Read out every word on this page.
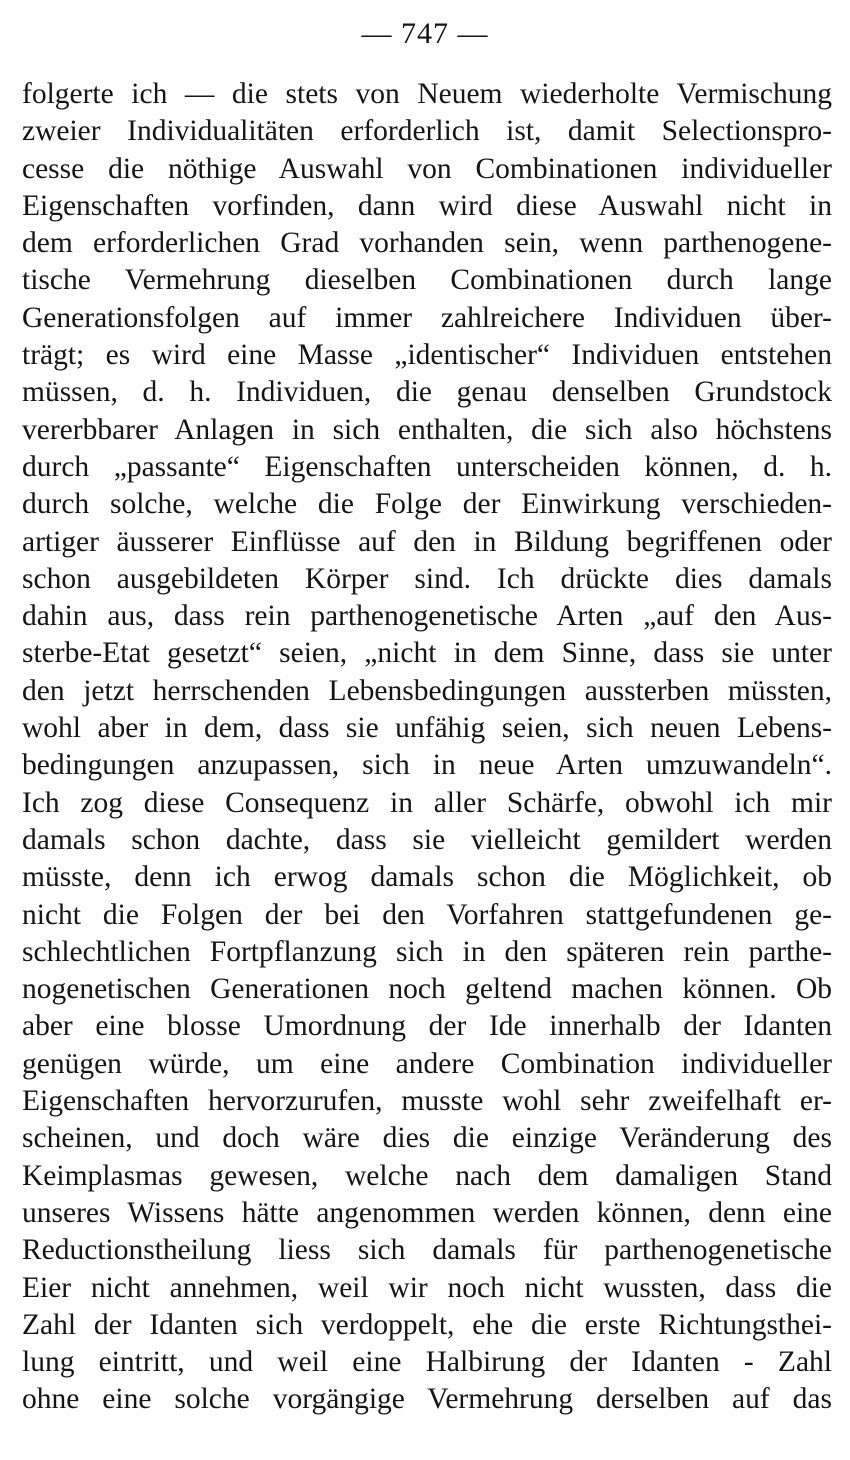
— 747 —
folgerte ich — die stets von Neuem wiederholte Vermischung
zweier Individualitäten erforderlich ist, damit Selectionspro-
cesse die nöthige Auswahl von Combinationen individueller
Eigenschaften vorfinden, dann wird diese Auswahl nicht in
dem erforderlichen Grad vorhanden sein, wenn parthenogene-
tische Vermehrung dieselben Combinationen durch lange
Generationsfolgen auf immer zahlreichere Individuen über-
trägt; es wird eine Masse „identischer“ Individuen entstehen
müssen, d. h. Individuen, die genau denselben Grundstock
vererbbarer Anlagen in sich enthalten, die sich also höchstens
durch „passante“ Eigenschaften unterscheiden können, d. h.
durch solche, welche die Folge der Einwirkung verschieden-
artiger äusserer Einflüsse auf den in Bildung begriffenen oder
schon ausgebildeten Körper sind. Ich drückte dies damals
dahin aus, dass rein parthenogenetische Arten „auf den Aus-
sterbe-Etat gesetzt“ seien, „nicht in dem Sinne, dass sie unter
den jetzt herrschenden Lebensbedingungen aussterben müssten,
wohl aber in dem, dass sie unfähig seien, sich neuen Lebens-
bedingungen anzupassen, sich in neue Arten umzuwandeln“.
Ich zog diese Consequenz in aller Schärfe, obwohl ich mir
damals schon dachte, dass sie vielleicht gemildert werden
müsste, denn ich erwog damals schon die Möglichkeit, ob
nicht die Folgen der bei den Vorfahren stattgefundenen ge-
schlechtlichen Fortpflanzung sich in den späteren rein parthe-
nogenetischen Generationen noch geltend machen können. Ob
aber eine blosse Umordnung der Ide innerhalb der Idanten
genügen würde, um eine andere Combination individueller
Eigenschaften hervorzurufen, musste wohl sehr zweifelhaft er-
scheinen, und doch wäre dies die einzige Veränderung des
Keimplasmas gewesen, welche nach dem damaligen Stand
unseres Wissens hätte angenommen werden können, denn eine
Reductionstheilung liess sich damals für parthenogenetische
Eier nicht annehmen, weil wir noch nicht wussten, dass die
Zahl der Idanten sich verdoppelt, ehe die erste Richtungsthei-
lung eintritt, und weil eine Halbirung der Idanten - Zahl
ohne eine solche vorgängige Vermehrung derselben auf das
